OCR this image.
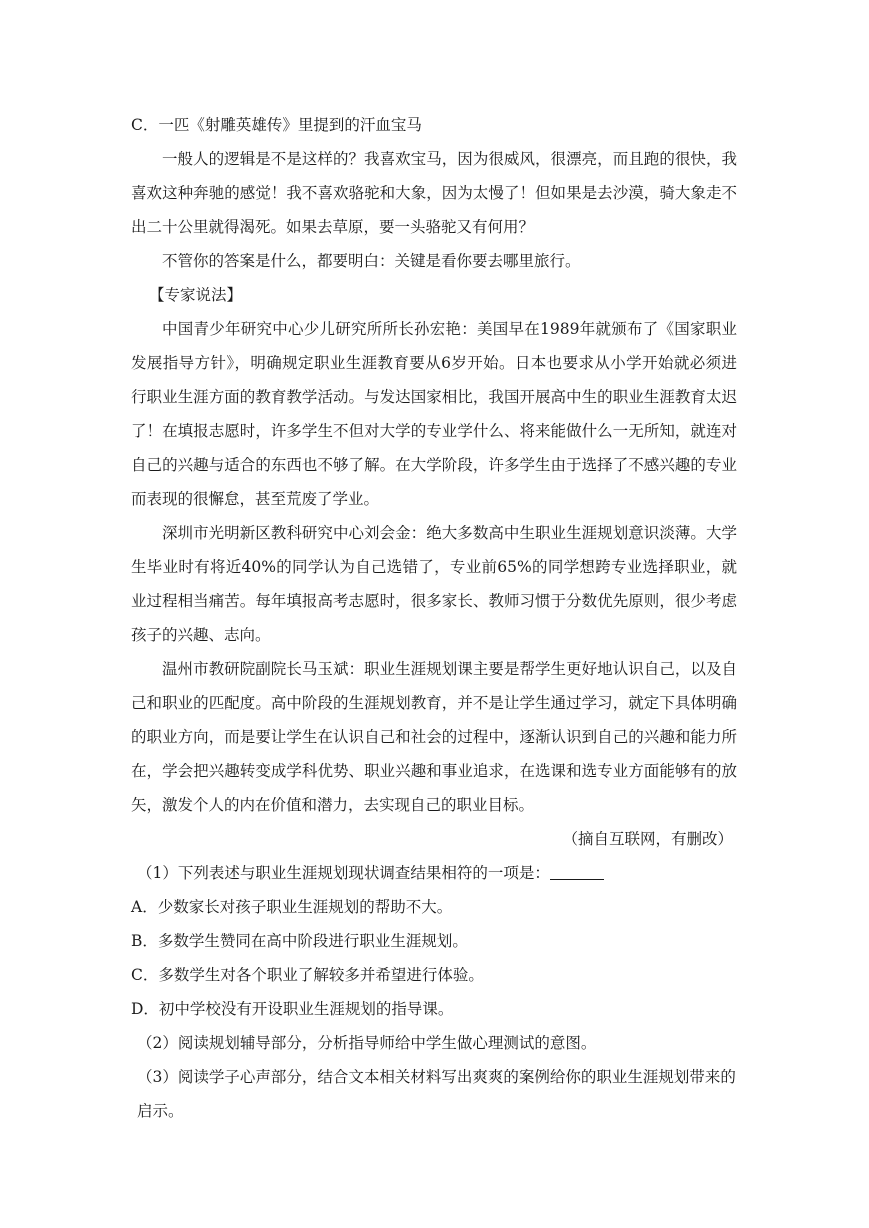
C．一匹《射雕英雄传》里提到的汗血宝马

一般人的逻辑是不是这样的？我喜欢宝马，因为很威风，很漂亮，而且跑的很快，我喜欢这种奔驰的感觉！我不喜欢骆驼和大象，因为太慢了！但如果是去沙漠，骑大象走不出二十公里就得渴死。如果去草原，要一头骆驼又有何用？

不管你的答案是什么，都要明白：关键是看你要去哪里旅行。

【专家说法】

中国青少年研究中心少儿研究所所长孙宏艳：美国早在1989年就颁布了《国家职业发展指导方针》，明确规定职业生涯教育要从6岁开始。日本也要求从小学开始就必须进行职业生涯方面的教育教学活动。与发达国家相比，我国开展高中生的职业生涯教育太迟了！在填报志愿时，许多学生不但对大学的专业学什么、将来能做什么一无所知，就连对自己的兴趣与适合的东西也不够了解。在大学阶段，许多学生由于选择了不感兴趣的专业而表现的很懈怠，甚至荒废了学业。

深圳市光明新区教科研究中心刘会金：绝大多数高中生职业生涯规划意识淡薄。大学生毕业时有将近40%的同学认为自己选错了，专业前65%的同学想跨专业选择职业，就业过程相当痛苦。每年填报高考志愿时，很多家长、教师习惯于分数优先原则，很少考虑孩子的兴趣、志向。

温州市教研院副院长马玉斌：职业生涯规划课主要是帮学生更好地认识自己，以及自己和职业的匹配度。高中阶段的生涯规划教育，并不是让学生通过学习，就定下具体明确的职业方向，而是要让学生在认识自己和社会的过程中，逐渐认识到自己的兴趣和能力所在，学会把兴趣转变成学科优势、职业兴趣和事业追求，在选课和选专业方面能够有的放矢，激发个人的内在价值和潜力，去实现自己的职业目标。

（摘自互联网，有删改）

（1）下列表述与职业生涯规划现状调查结果相符的一项是：

A．少数家长对孩子职业生涯规划的帮助不大。

B．多数学生赞同在高中阶段进行职业生涯规划。

C．多数学生对各个职业了解较多并希望进行体验。

D．初中学校没有开设职业生涯规划的指导课。

（2）阅读规划辅导部分，分析指导师给中学生做心理测试的意图。

（3）阅读学子心声部分，结合文本相关材料写出爽爽的案例给你的职业生涯规划带来的启示。
